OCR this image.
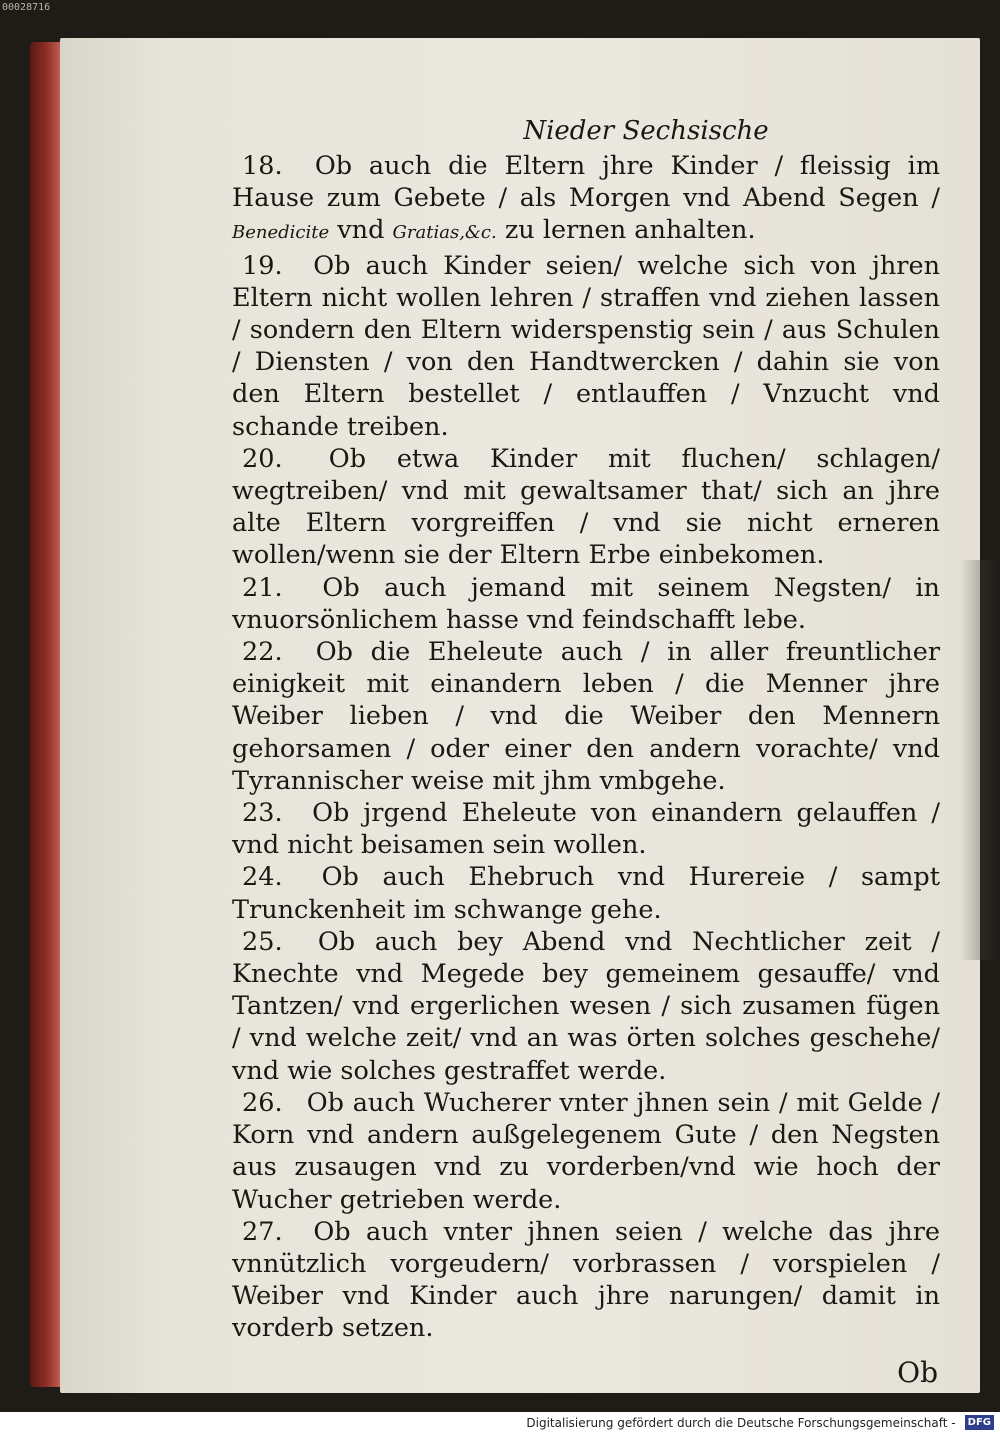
00028716
Nieder Sechsische

18. Ob auch die Eltern jhre Kinder / fleissig im Hause zum Gebete / als Morgen vnd Abend Segen / Benedicite vnd Gratias,&c. zu lernen anhalten.

19. Ob auch Kinder seien/ welche sich von jhren Eltern nicht wollen lehren / straffen vnd ziehen lassen / sondern den Eltern widerspenstig sein / aus Schulen / Diensten / von den Handtwercken / dahin sie von den Eltern bestellet / entlauffen / Vnzucht vnd schande treiben.

20. Ob etwa Kinder mit fluchen/ schlagen/ wegtreiben/ vnd mit gewaltsamer that/ sich an jhre alte Eltern vorgreiffen / vnd sie nicht erneren wollen/wenn sie der Eltern Erbe einbekomen.

21. Ob auch jemand mit seinem Negsten/ in vnuorsönlichem hasse vnd feindschafft lebe.

22. Ob die Eheleute auch / in aller freuntlicher einigkeit mit einandern leben / die Menner jhre Weiber lieben / vnd die Weiber den Mennern gehorsamen / oder einer den andern vorachte/ vnd Tyrannischer weise mit jhm vmbgehe.

23. Ob jrgend Eheleute von einandern gelauffen / vnd nicht beisamen sein wollen.

24. Ob auch Ehebruch vnd Hurereie / sampt Trunckenheit im schwange gehe.

25. Ob auch bey Abend vnd Nechtlicher zeit / Knechte vnd Megede bey gemeinem gesauffe/ vnd Tantzen/ vnd ergerlichen wesen / sich zusamen fügen / vnd welche zeit/ vnd an was örten solches geschehe/ vnd wie solches gestraffet werde.

26. Ob auch Wucherer vnter jhnen sein / mit Gelde / Korn vnd andern außgelegenem Gute / den Negsten aus zusaugen vnd zu vorderben/vnd wie hoch der Wucher getrieben werde.

27. Ob auch vnter jhnen seien / welche das jhre vnnützlich vorgeudern/ vorbrassen / vorspielen / Weiber vnd Kinder auch jhre narungen/ damit in vorderb setzen.

Ob
Digitalisierung gefördert durch die Deutsche Forschungsgemeinschaft - DFG
